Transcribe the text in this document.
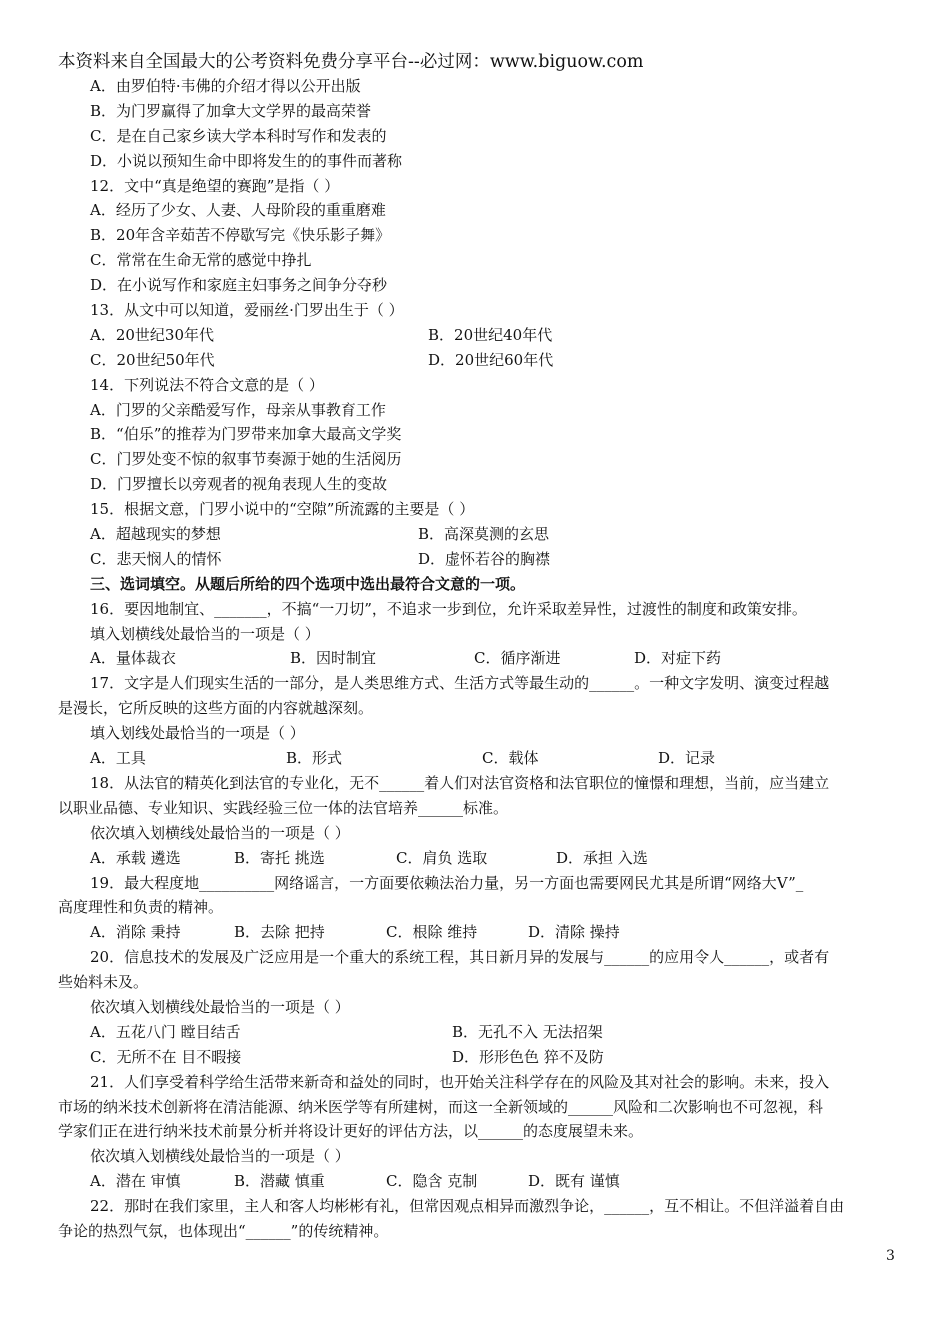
本资料来自全国最大的公考资料免费分享平台--必过网：www.biguow.com
A．由罗伯特·韦佛的介绍才得以公开出版
B．为门罗赢得了加拿大文学界的最高荣誉
C．是在自己家乡读大学本科时写作和发表的
D．小说以预知生命中即将发生的的事件而著称
12．文中“真是绝望的赛跑”是指（ ）
A．经历了少女、人妻、人母阶段的重重磨难
B．20年含辛茹苦不停歇写完《快乐影子舞》
C．常常在生命无常的感觉中挣扎
D．在小说写作和家庭主妇事务之间争分夺秒
13．从文中可以知道，爱丽丝·门罗出生于（ ）
A．20世纪30年代	B．20世纪40年代
C．20世纪50年代	D．20世纪60年代
14．下列说法不符合文意的是（ ）
A．门罗的父亲酷爱写作，母亲从事教育工作
B．“伯乐”的推荐为门罗带来加拿大最高文学奖
C．门罗处变不惊的叙事节奏源于她的生活阅历
D．门罗擅长以旁观者的视角表现人生的变故
15．根据文意，门罗小说中的“空隙”所流露的主要是（ ）
A．超越现实的梦想	B．高深莫测的玄思
C．悲天悯人的情怀	D．虚怀若谷的胸襟
三、选词填空。从题后所给的四个选项中选出最符合文意的一项。
16．要因地制宜、_______，不搞“一刀切”，不追求一步到位，允许采取差异性，过渡性的制度和政策安排。
填入划横线处最恰当的一项是（ ）
A．量体裁衣	B．因时制宜	C．循序渐进	D．对症下药
17．文字是人们现实生活的一部分，是人类思维方式、生活方式等最生动的______。一种文字发明、演变过程越
是漫长，它所反映的这些方面的内容就越深刻。
填入划线处最恰当的一项是（ ）
A．工具	B．形式	C．载体	D．记录
18．从法官的精英化到法官的专业化，无不______着人们对法官资格和法官职位的憧憬和理想，当前，应当建立
以职业品德、专业知识、实践经验三位一体的法官培养______标准。
依次填入划横线处最恰当的一项是（ ）
A．承载 遴选	B．寄托 挑选	C．肩负 选取	D．承担 入选
19．最大程度地__________网络谣言，一方面要依赖法治力量，另一方面也需要网民尤其是所谓“网络大V”_
高度理性和负责的精神。
A．消除 秉持	B．去除 把持	C．根除 维持	D．清除 操持
20．信息技术的发展及广泛应用是一个重大的系统工程，其日新月异的发展与______的应用令人______，或者有
些始料未及。
依次填入划横线处最恰当的一项是（ ）
A．五花八门 瞠目结舌	B．无孔不入 无法招架
C．无所不在 目不暇接	D．形形色色 猝不及防
21．人们享受着科学给生活带来新奇和益处的同时，也开始关注科学存在的风险及其对社会的影响。未来，投入
市场的纳米技术创新将在清洁能源、纳米医学等有所建树，而这一全新领域的______风险和二次影响也不可忽视，科
学家们正在进行纳米技术前景分析并将设计更好的评估方法，以______的态度展望未来。
依次填入划横线处最恰当的一项是（ ）
A．潜在 审慎	B．潜藏 慎重	C．隐含 克制	D．既有 谨慎
22．那时在我们家里，主人和客人均彬彬有礼，但常因观点相异而激烈争论，______，互不相让。不但洋溢着自由
争论的热烈气氛，也体现出“______”的传统精神。
3
